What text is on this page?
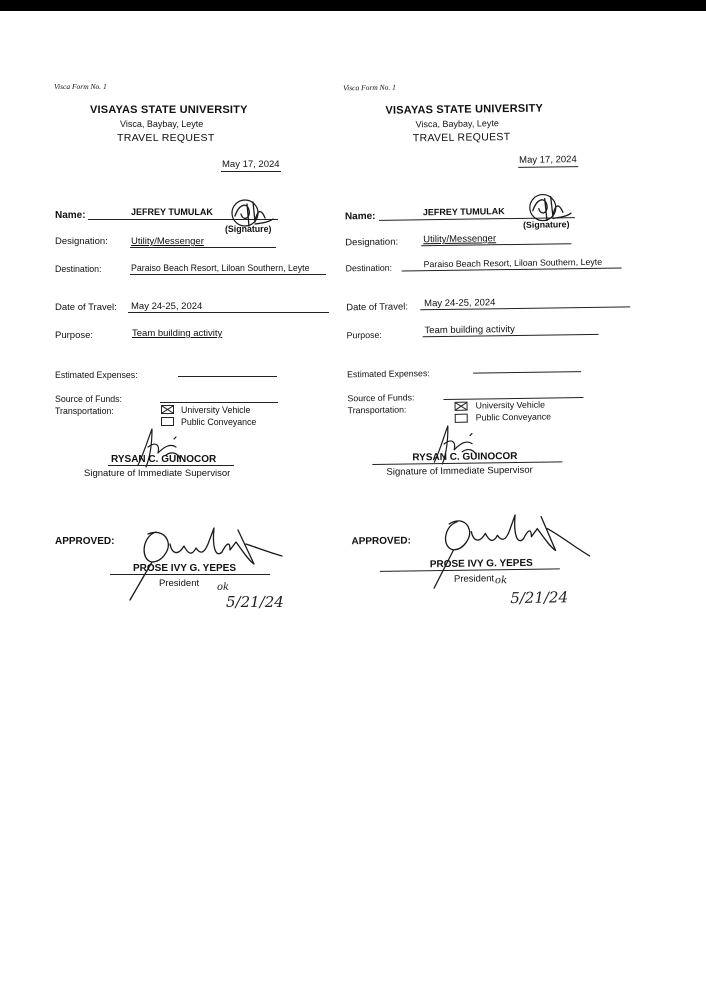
Visca Form No. 1
VISAYAS STATE UNIVERSITY
Visca, Baybay, Leyte
TRAVEL REQUEST
May 17, 2024
Name:	JEFREY TUMULAK
(Signature)
Designation: Utility/Messenger
Destination:	Paraiso Beach Resort, Liloan Southern, Leyte
Date of Travel: May 24-25, 2024
Purpose:	Team building activity
Estimated Expenses:
Source of Funds:
Transportation:	University Vehicle
Public Conveyance
RYSAN C. GUINOCOR
Signature of Immediate Supervisor
APPROVED:
PROSE IVY G. YEPES
President ok
5/21/24
Visca Form No. 1
VISAYAS STATE UNIVERSITY
Visca, Baybay, Leyte
TRAVEL REQUEST
May 17, 2024
Name:	JEFREY TUMULAK
(Signature)
Designation:	Utility/Messenger
Destination:	Paraiso Beach Resort, Liloan Southern, Leyte
Date of Travel: May 24-25, 2024
Purpose:	Team building activity
Estimated Expenses:
Source of Funds:
Transportation:	University Vehicle
Public Conveyance
RYSAN C. GUINOCOR
Signature of Immediate Supervisor
APPROVED:
PROSE IVY G. YEPES
President ok
5/21/24
